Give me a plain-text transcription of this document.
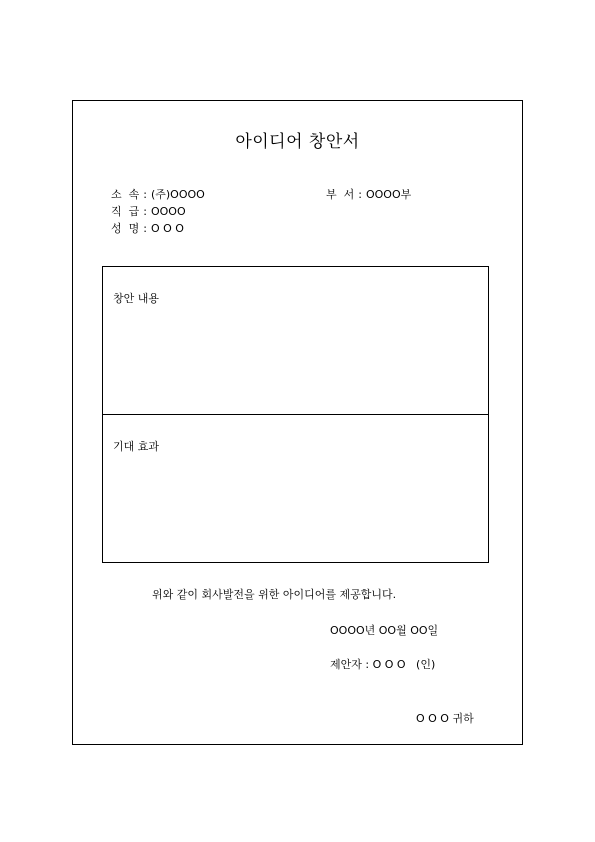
아이디어 창안서

소  속 : (주)OOOO	부  서 : OOOO부

직  급 : OOOO

성  명 : O O O

창안 내용
기대 효과
위와 같이 회사발전을 위한 아이디어를 제공합니다.
OOOO년 OO월 OO일
제안자 : O O O   (인)
O O O 귀하
